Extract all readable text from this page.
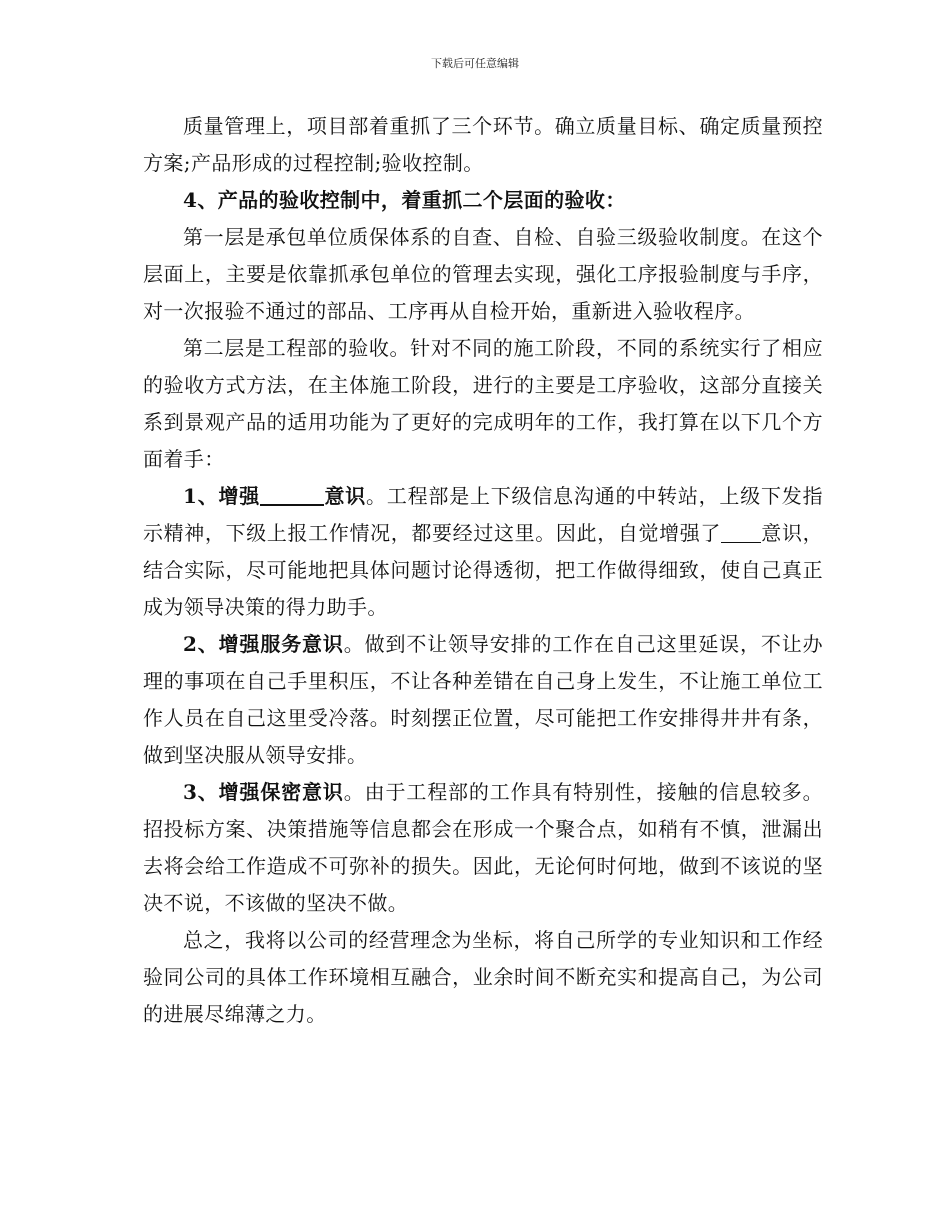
下载后可任意编辑

质量管理上，项目部着重抓了三个环节。确立质量目标、确定质量预控方案;产品形成的过程控制;验收控制。

4、产品的验收控制中，着重抓二个层面的验收：

第一层是承包单位质保体系的自查、自检、自验三级验收制度。在这个层面上，主要是依靠抓承包单位的管理去实现，强化工序报验制度与手序，对一次报验不通过的部品、工序再从自检开始，重新进入验收程序。

第二层是工程部的验收。针对不同的施工阶段，不同的系统实行了相应的验收方式方法，在主体施工阶段，进行的主要是工序验收，这部分直接关系到景观产品的适用功能为了更好的完成明年的工作，我打算在以下几个方面着手：

1、增强	意识。工程部是上下级信息沟通的中转站，上级下发指示精神，下级上报工作情况，都要经过这里。因此，自觉增强了 意识，结合实际，尽可能地把具体问题讨论得透彻，把工作做得细致，使自己真正成为领导决策的得力助手。

2、增强服务意识。做到不让领导安排的工作在自己这里延误，不让办理的事项在自己手里积压，不让各种差错在自己身上发生，不让施工单位工作人员在自己这里受冷落。时刻摆正位置，尽可能把工作安排得井井有条，做到坚决服从领导安排。

3、增强保密意识。由于工程部的工作具有特别性，接触的信息较多。招投标方案、决策措施等信息都会在形成一个聚合点，如稍有不慎，泄漏出去将会给工作造成不可弥补的损失。因此，无论何时何地，做到不该说的坚决不说，不该做的坚决不做。

总之，我将以公司的经营理念为坐标，将自己所学的专业知识和工作经验同公司的具体工作环境相互融合，业余时间不断充实和提高自己，为公司的进展尽绵薄之力。
